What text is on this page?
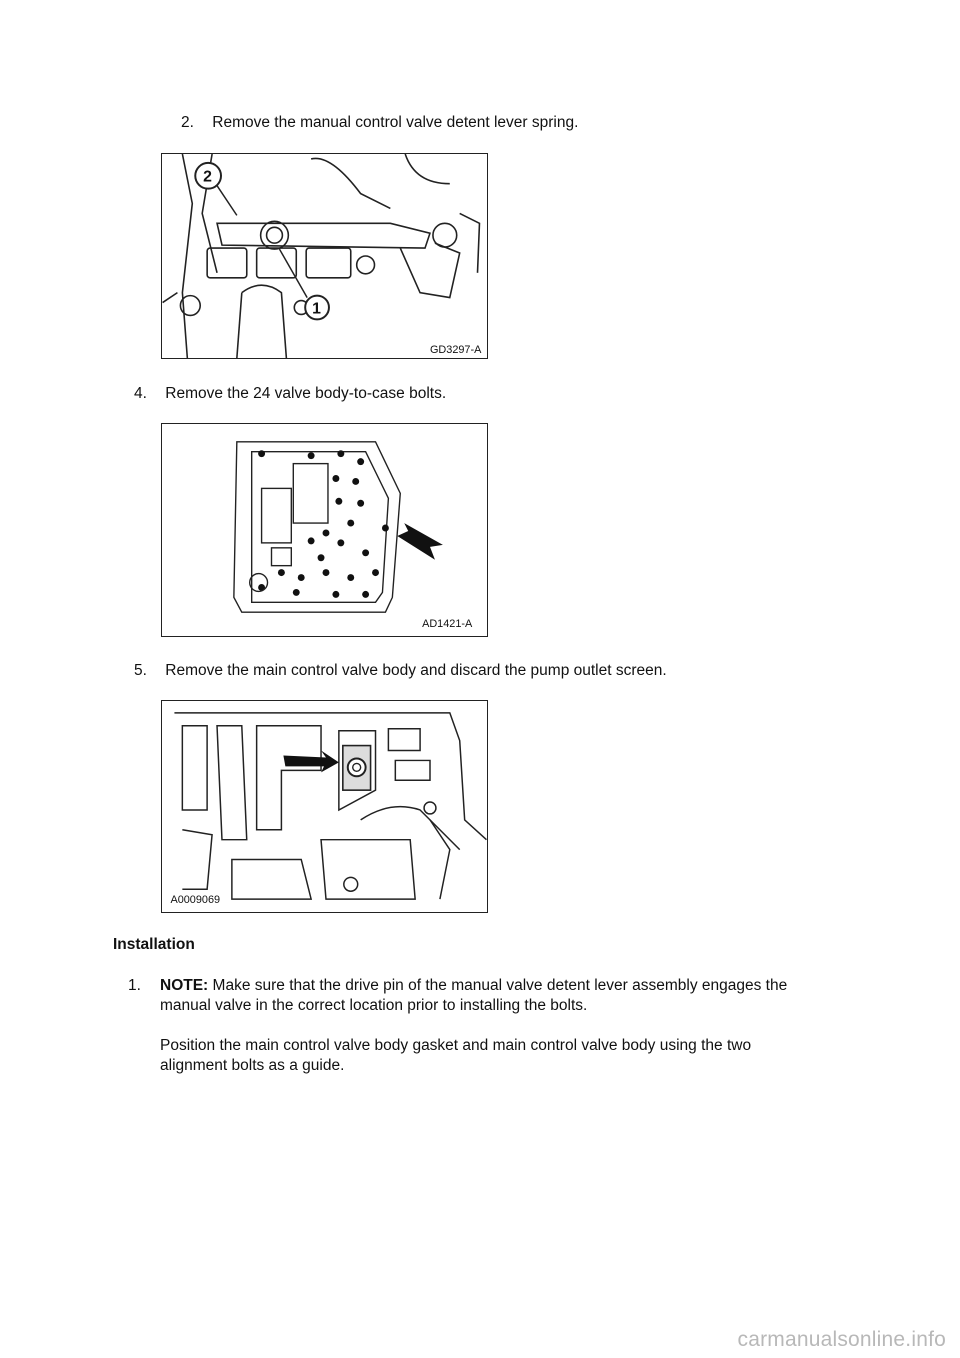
2. Remove the manual control valve detent lever spring.
2
1
GD3297-A
4. Remove the 24 valve body-to-case bolts.
AD1421-A
5. Remove the main control valve body and discard the pump outlet screen.
A0009069
Installation
1. NOTE: Make sure that the drive pin of the manual valve detent lever assembly engages the
manual valve in the correct location prior to installing the bolts.
Position the main control valve body gasket and main control valve body using the two
alignment bolts as a guide.
carmanualsonline.info
